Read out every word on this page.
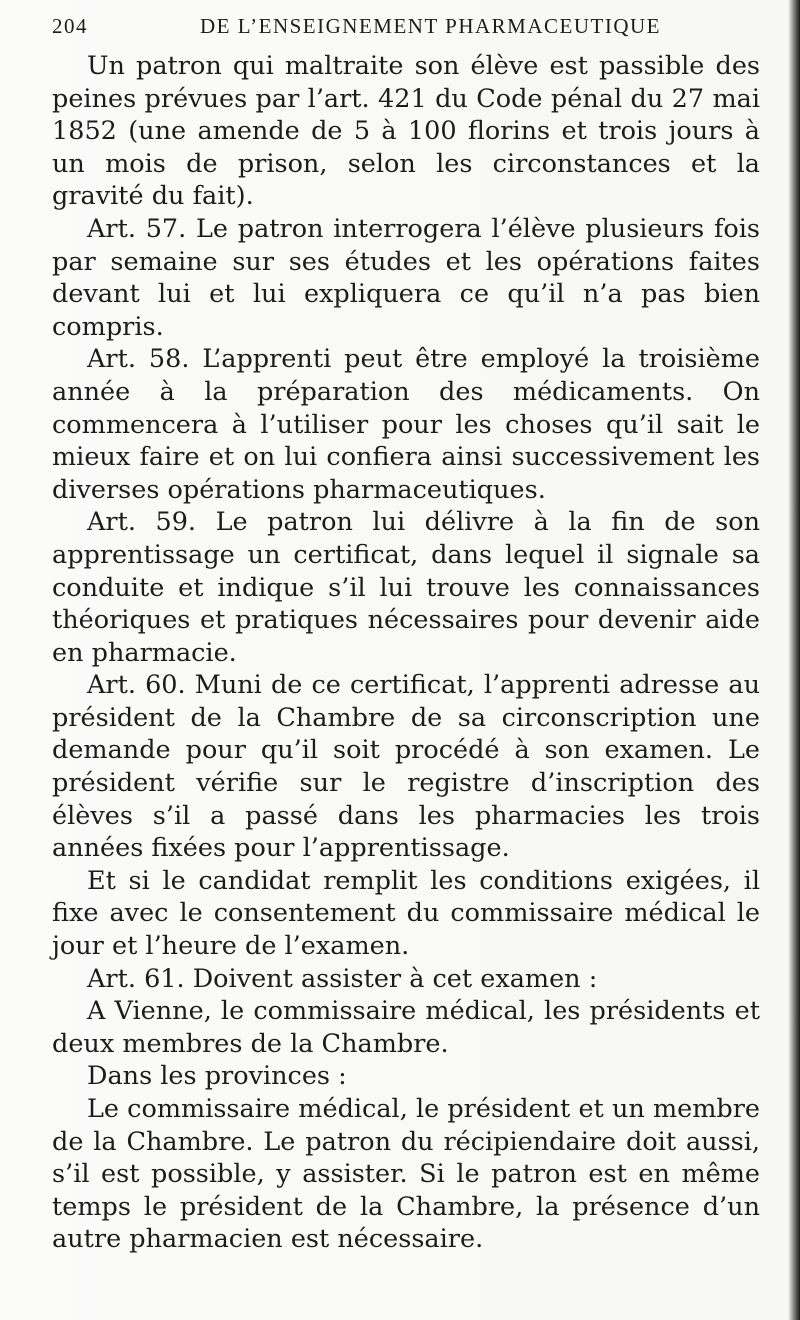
204	DE L’ENSEIGNEMENT PHARMACEUTIQUE

Un patron qui maltraite son élève est passible des peines prévues par l’art. 421 du Code pénal du 27 mai 1852 (une amende de 5 à 100 florins et trois jours à un mois de prison, selon les circonstances et la gravité du fait).

Art. 57. Le patron interrogera l’élève plusieurs fois par semaine sur ses études et les opérations faites devant lui et lui expliquera ce qu’il n’a pas bien compris.

Art. 58. L’apprenti peut être employé la troisième année à la préparation des médicaments. On commencera à l’utiliser pour les choses qu’il sait le mieux faire et on lui confiera ainsi successivement les diverses opérations pharmaceutiques.

Art. 59. Le patron lui délivre à la fin de son apprentissage un certificat, dans lequel il signale sa conduite et indique s’il lui trouve les connaissances théoriques et pratiques nécessaires pour devenir aide en pharmacie.

Art. 60. Muni de ce certificat, l’apprenti adresse au président de la Chambre de sa circonscription une demande pour qu’il soit procédé à son examen. Le président vérifie sur le registre d’inscription des élèves s’il a passé dans les pharmacies les trois années fixées pour l’apprentissage.

Et si le candidat remplit les conditions exigées, il fixe avec le consentement du commissaire médical le jour et l’heure de l’examen.

Art. 61. Doivent assister à cet examen :

A Vienne, le commissaire médical, les présidents et deux membres de la Chambre.

Dans les provinces :

Le commissaire médical, le président et un membre de la Chambre. Le patron du récipiendaire doit aussi, s’il est possible, y assister. Si le patron est en même temps le président de la Chambre, la présence d’un autre pharmacien est nécessaire.
